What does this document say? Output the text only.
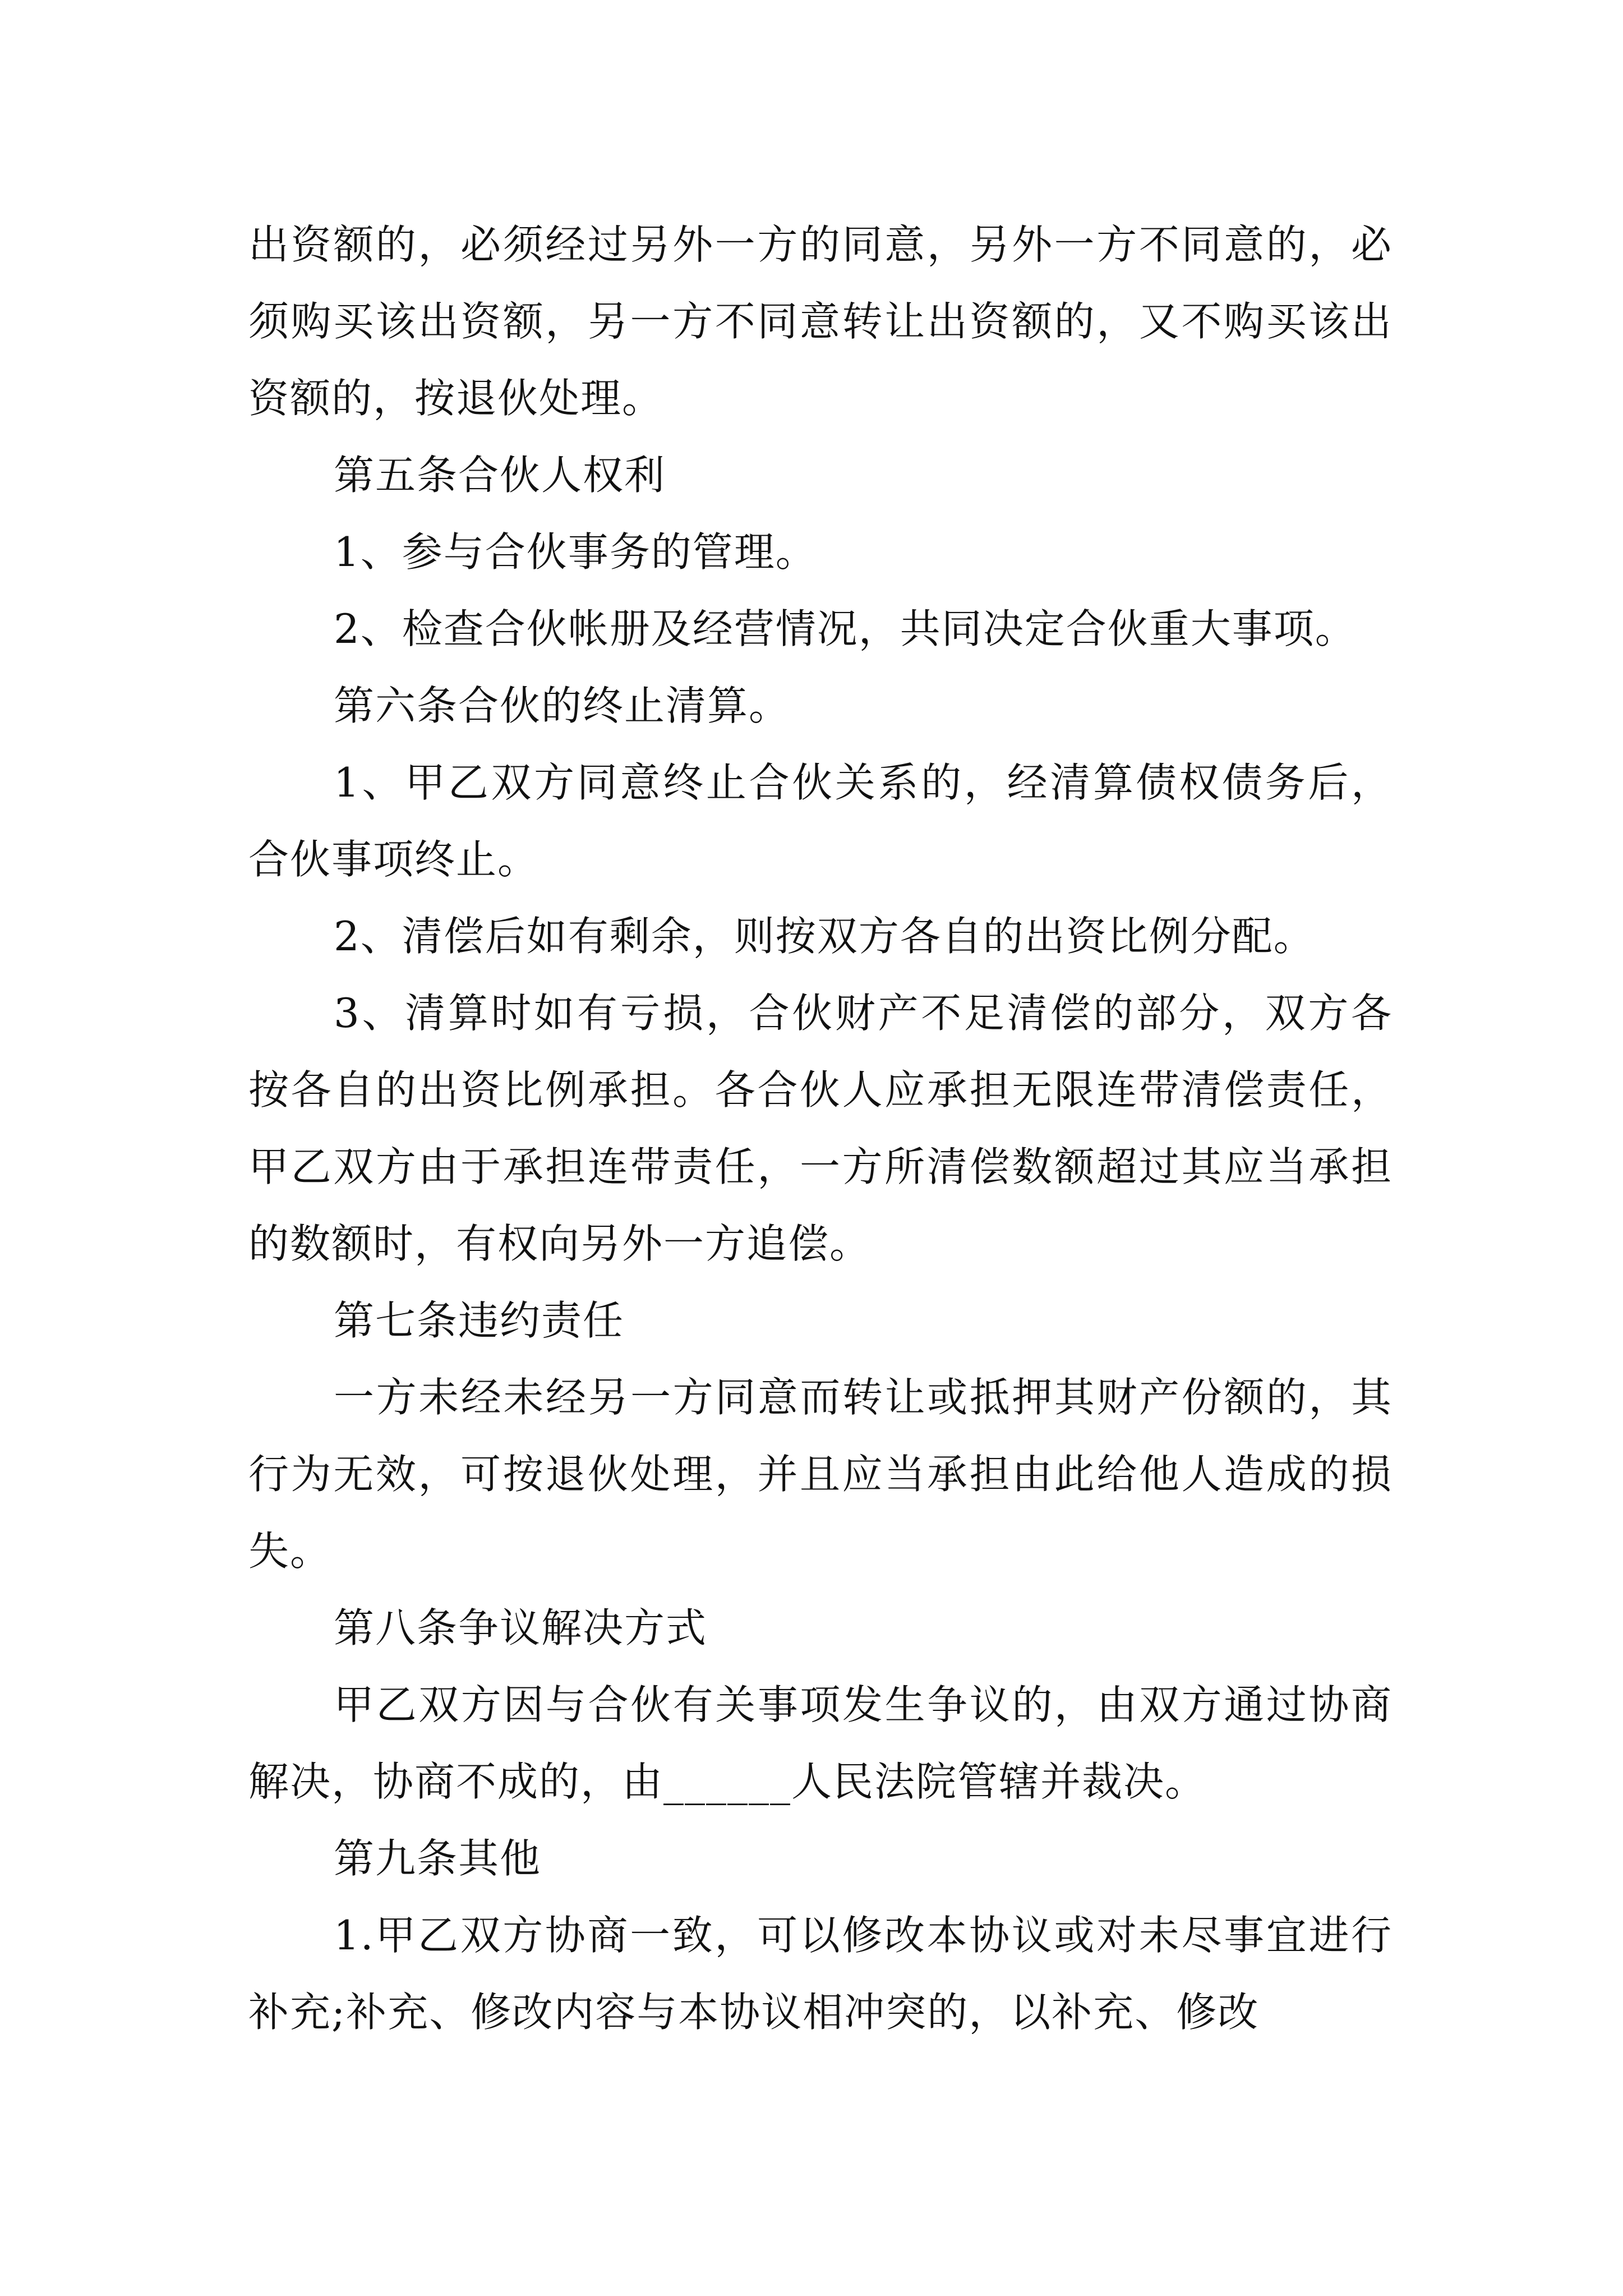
出资额的，必须经过另外一方的同意，另外一方不同意的，必须购买该出资额，另一方不同意转让出资额的，又不购买该出资额的，按退伙处理。

第五条合伙人权利

1、参与合伙事务的管理。

2、检查合伙帐册及经营情况，共同决定合伙重大事项。

第六条合伙的终止清算。

1、甲乙双方同意终止合伙关系的，经清算债权债务后，合伙事项终止。

2、清偿后如有剩余，则按双方各自的出资比例分配。

3、清算时如有亏损，合伙财产不足清偿的部分，双方各按各自的出资比例承担。各合伙人应承担无限连带清偿责任，甲乙双方由于承担连带责任，一方所清偿数额超过其应当承担的数额时，有权向另外一方追偿。

第七条违约责任

一方未经未经另一方同意而转让或抵押其财产份额的，其行为无效，可按退伙处理，并且应当承担由此给他人造成的损失。

第八条争议解决方式

甲乙双方因与合伙有关事项发生争议的，由双方通过协商解决，协商不成的，由______人民法院管辖并裁决。

第九条其他

1.甲乙双方协商一致，可以修改本协议或对未尽事宜进行补充;补充、修改内容与本协议相冲突的，以补充、修改
